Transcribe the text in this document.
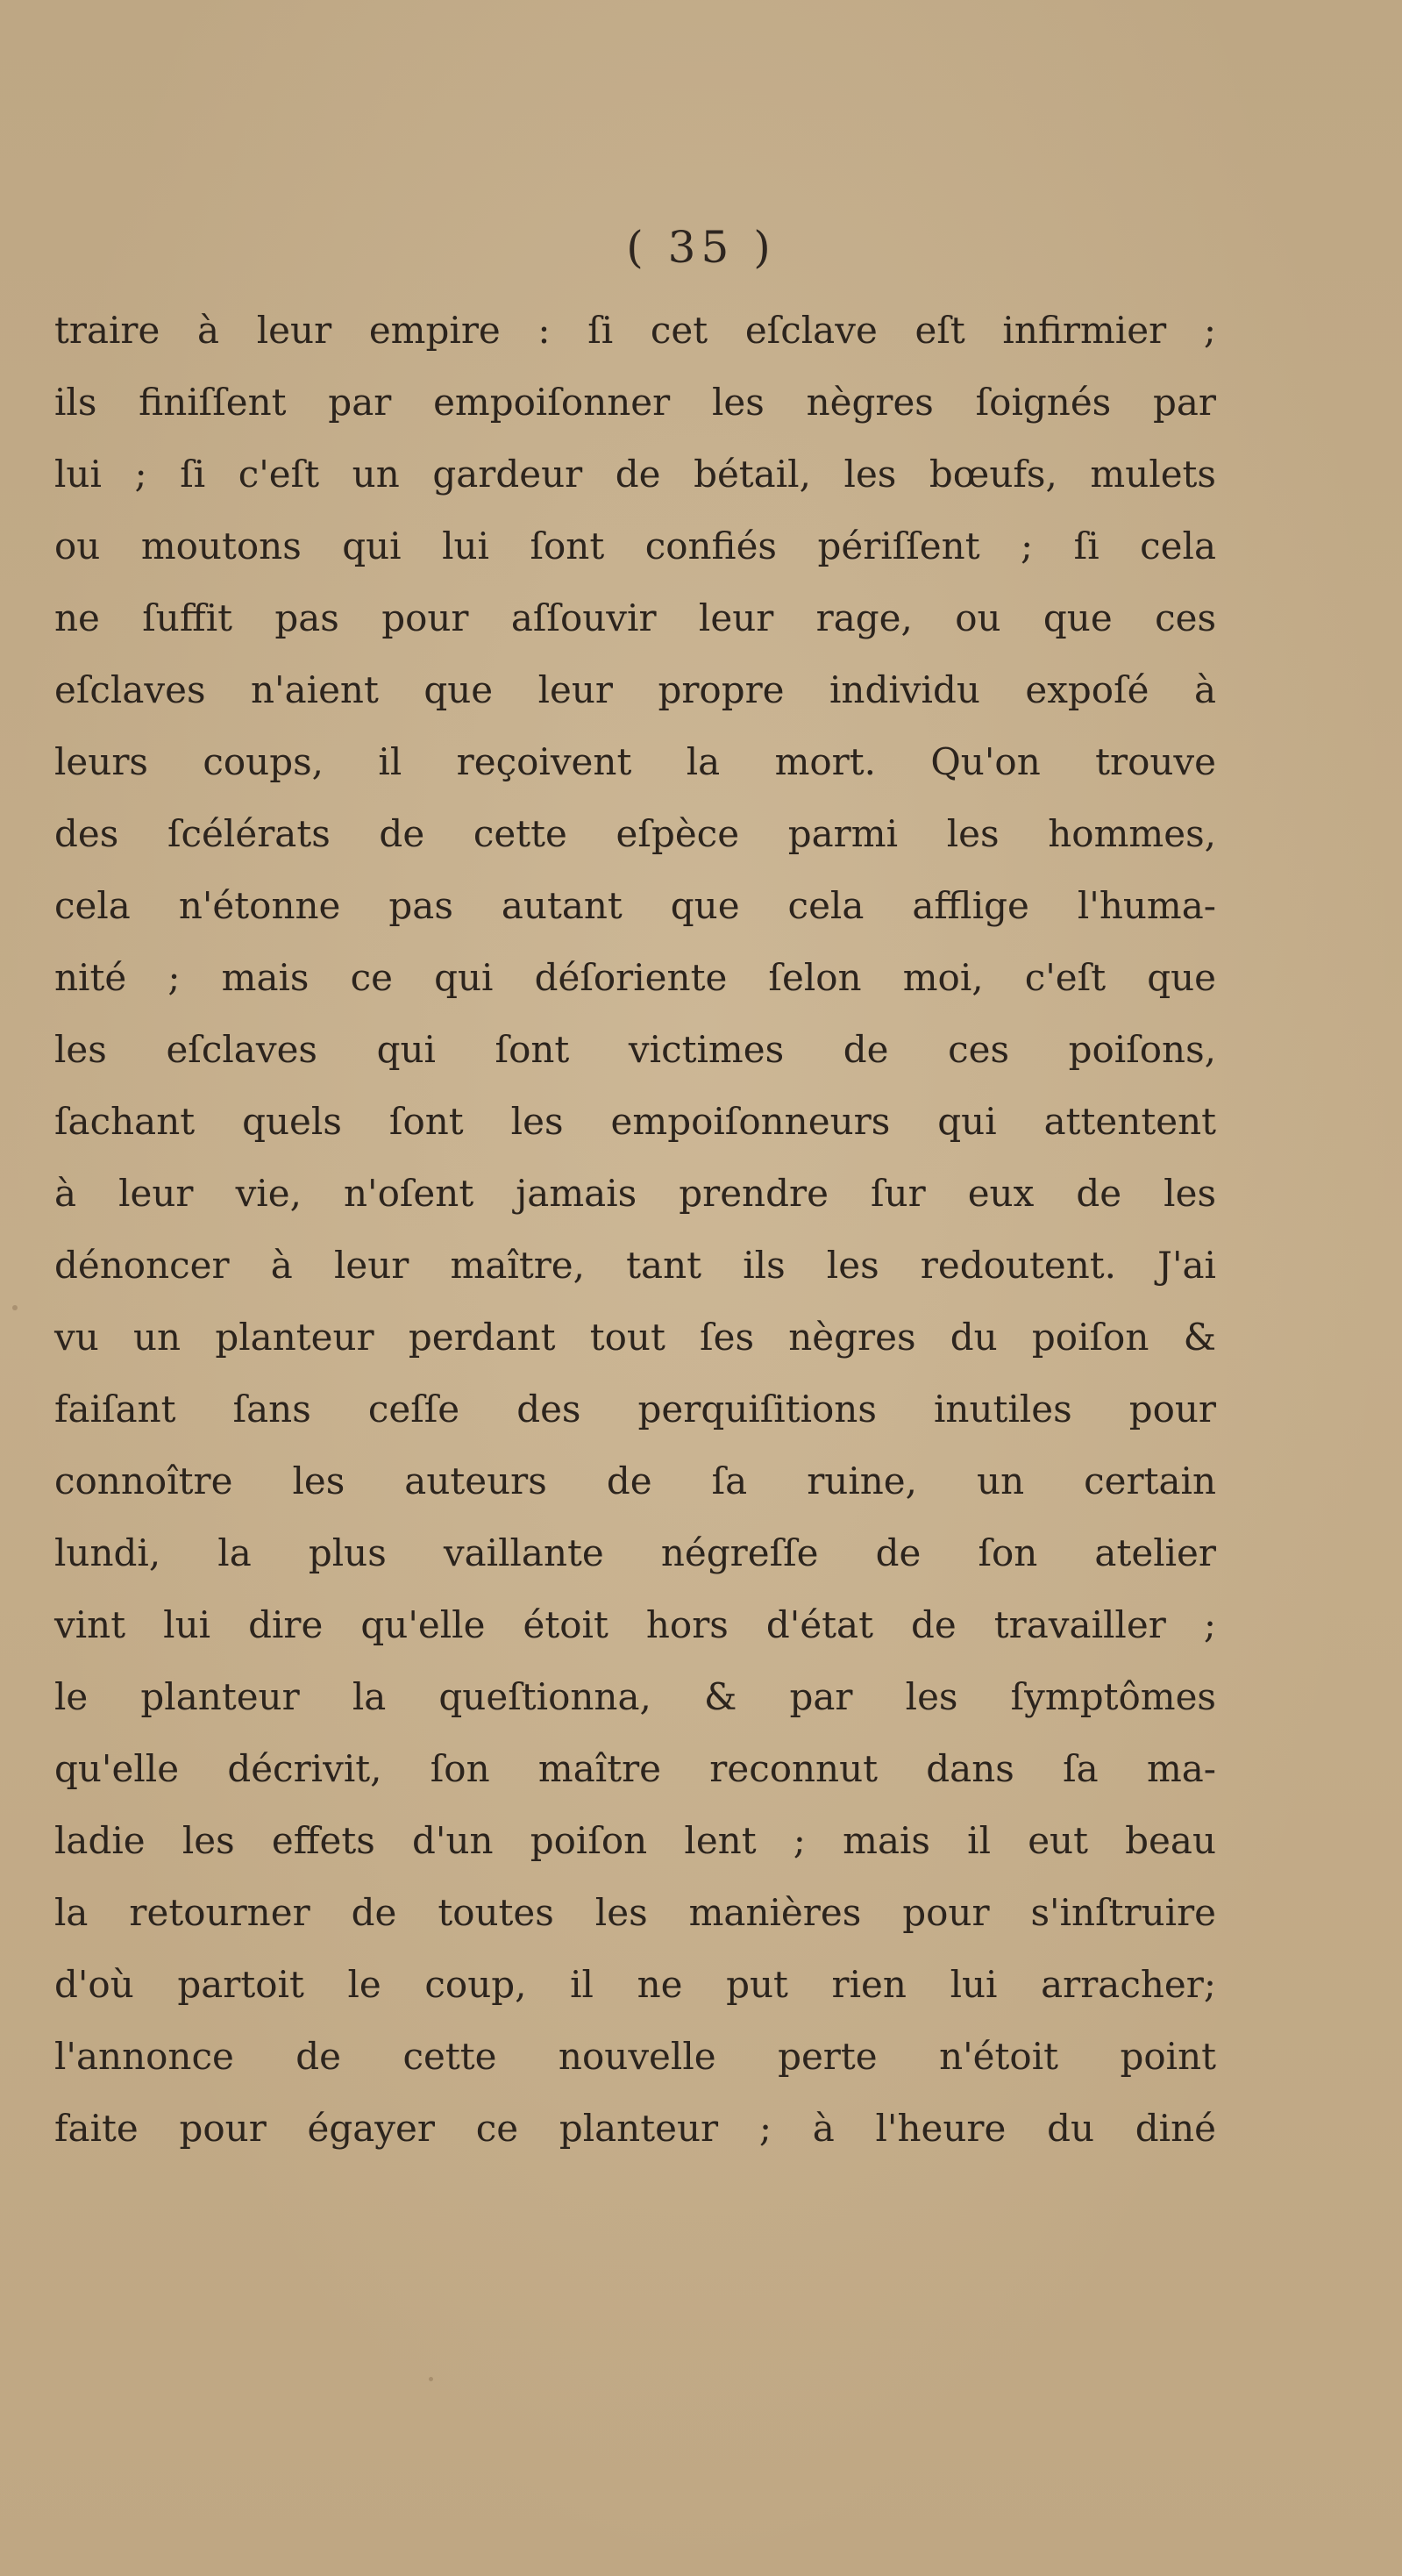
( 35 )
traire à leur empire : ſi cet eſclave eſt infirmier ;
ils finiſſent par empoiſonner les nègres ſoignés par
lui ; ſi c'eſt un gardeur de bétail, les bœufs, mulets
ou moutons qui lui ſont confiés périſſent ; ſi cela
ne ſuffit pas pour aſſouvir leur rage, ou que ces
eſclaves n'aient que leur propre individu expoſé à
leurs coups, il reçoivent la mort. Qu'on trouve
des ſcélérats de cette eſpèce parmi les hommes,
cela n'étonne pas autant que cela afflige l'huma-
nité ; mais ce qui déſoriente ſelon moi, c'eſt que
les eſclaves qui ſont victimes de ces poiſons,
ſachant quels ſont les empoiſonneurs qui attentent
à leur vie, n'oſent jamais prendre ſur eux de les
dénoncer à leur maître, tant ils les redoutent. J'ai
vu un planteur perdant tout ſes nègres du poiſon &
faiſant ſans ceſſe des perquiſitions inutiles pour
connoître les auteurs de ſa ruine, un certain
lundi, la plus vaillante négreſſe de ſon atelier
vint lui dire qu'elle étoit hors d'état de travailler ;
le planteur la queſtionna, & par les ſymptômes
qu'elle décrivit, ſon maître reconnut dans ſa ma-
ladie les effets d'un poiſon lent ; mais il eut beau
la retourner de toutes les manières pour s'inſtruire
d'où partoit le coup, il ne put rien lui arracher;
l'annonce de cette nouvelle perte n'étoit point
faite pour égayer ce planteur ; à l'heure du diné
